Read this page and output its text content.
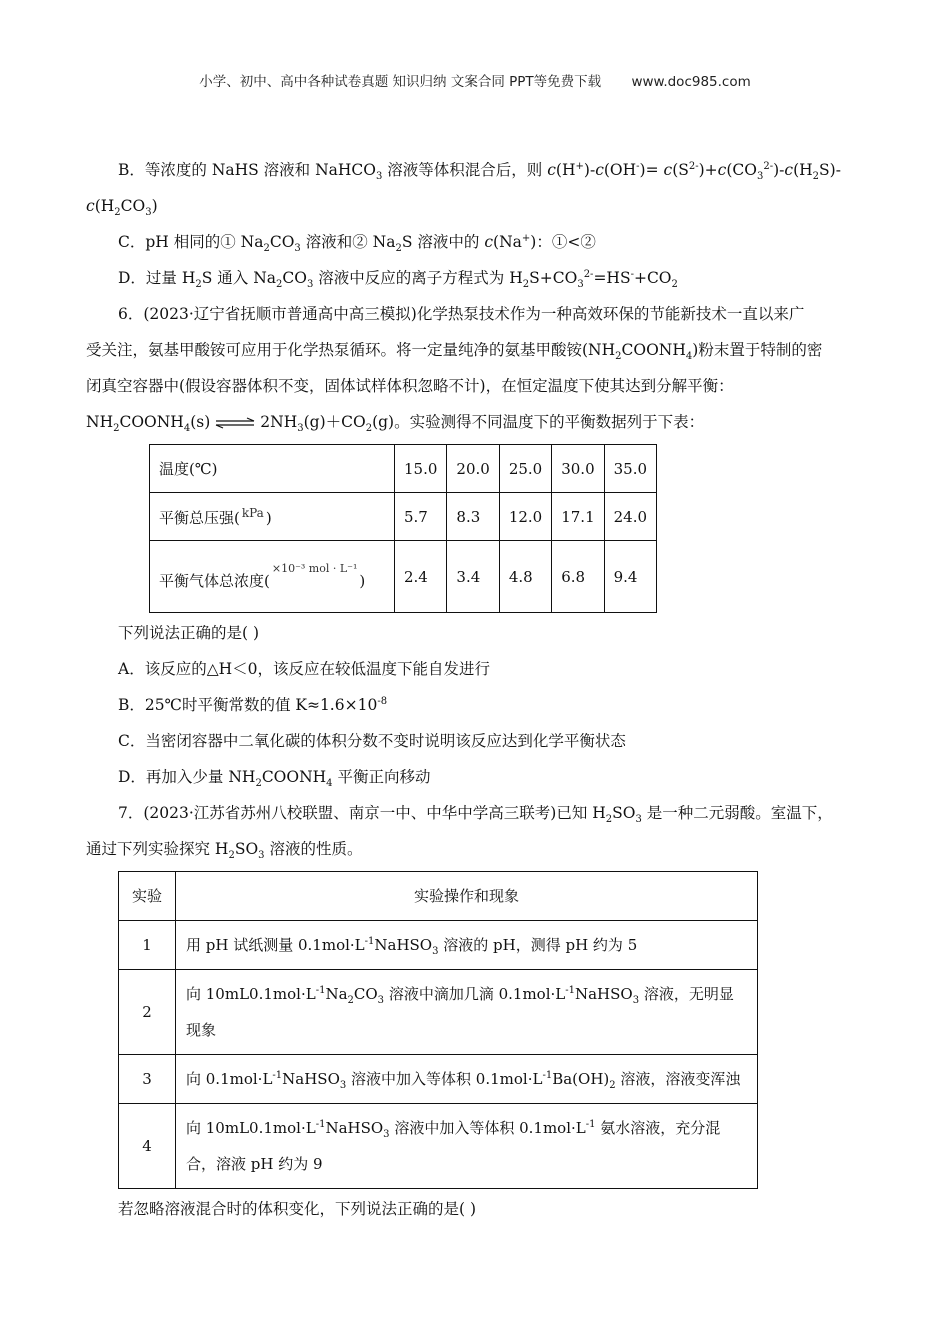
小学、初中、高中各种试卷真题 知识归纳 文案合同 PPT等免费下载 www.doc985.com

B．等浓度的 NaHS 溶液和 NaHCO$_3$ 溶液等体积混合后，则 $c(H^+)-c(OH^-)= c(S^{2-})+c(CO_3^{2-})-c(H_2S)-$

$c(H_2CO_3)$

C．pH 相同的① $Na_2CO_3$ 溶液和② $Na_2S$ 溶液中的 c(Na+)：①<②

D．过量 $H_2S$ 通入 $Na_2CO_3$ 溶液中反应的离子方程式为 $H_2S+CO_3^{2-}=HS^-+CO_2$

6．(2023·辽宁省抚顺市普通高中高三模拟)化学热泵技术作为一种高效环保的节能新技术一直以来广

受关注，氨基甲酸铵可应用于化学热泵循环。将一定量纯净的氨基甲酸铵$(NH_2COONH_4)$粉末置于特制的密

闭真空容器中(假设容器体积不变，固体试样体积忽略不计)，在恒定温度下使其达到分解平衡：

$NH_2COONH_4(s)$ ⇌ $2NH_3(g)+CO_2(g)$。实验测得不同温度下的平衡数据列于下表：

温度(℃)	15.0	20.0	25.0	30.0	35.0
平衡总压强( $^{kPa}$ )	5.7	8.3	12.0	17.1	24.0
平衡气体总浓度($^{\times 10^{-3} mol \cdot L^{-1}}$)	2.4	3.4	4.8	6.8	9.4

下列说法正确的是( )

A．该反应的△H＜0，该反应在较低温度下能自发进行

B．25℃时平衡常数的值 $K\approx 1.6\times 10^{-8}$

C．当密闭容器中二氧化碳的体积分数不变时说明该反应达到化学平衡状态

D．再加入少量 $NH_2COONH_4$ 平衡正向移动

7．(2023·江苏省苏州八校联盟、南京一中、中华中学高三联考)已知 $H_2SO_3$ 是一种二元弱酸。室温下，

通过下列实验探究 $H_2SO_3$ 溶液的性质。

实验	实验操作和现象
1	用 pH 试纸测量 $0.1mol\cdot L^{-1}NaHSO_3$ 溶液的 pH，测得 pH 约为 5
2	向 $10mL0.1mol\cdot L^{-1}Na_2CO_3$ 溶液中滴加几滴 $0.1mol\cdot L^{-1}NaHSO_3$ 溶液，无明显现象
3	向 $0.1mol\cdot L^{-1}NaHSO_3$ 溶液中加入等体积 $0.1mol\cdot L^{-1}Ba(OH)_2$ 溶液，溶液变浑浊
4	向 $10mL0.1mol\cdot L^{-1}NaHSO_3$ 溶液中加入等体积 $0.1mol\cdot L^{-1}$ 氨水溶液，充分混合，溶液 pH 约为 9

若忽略溶液混合时的体积变化，下列说法正确的是( )
